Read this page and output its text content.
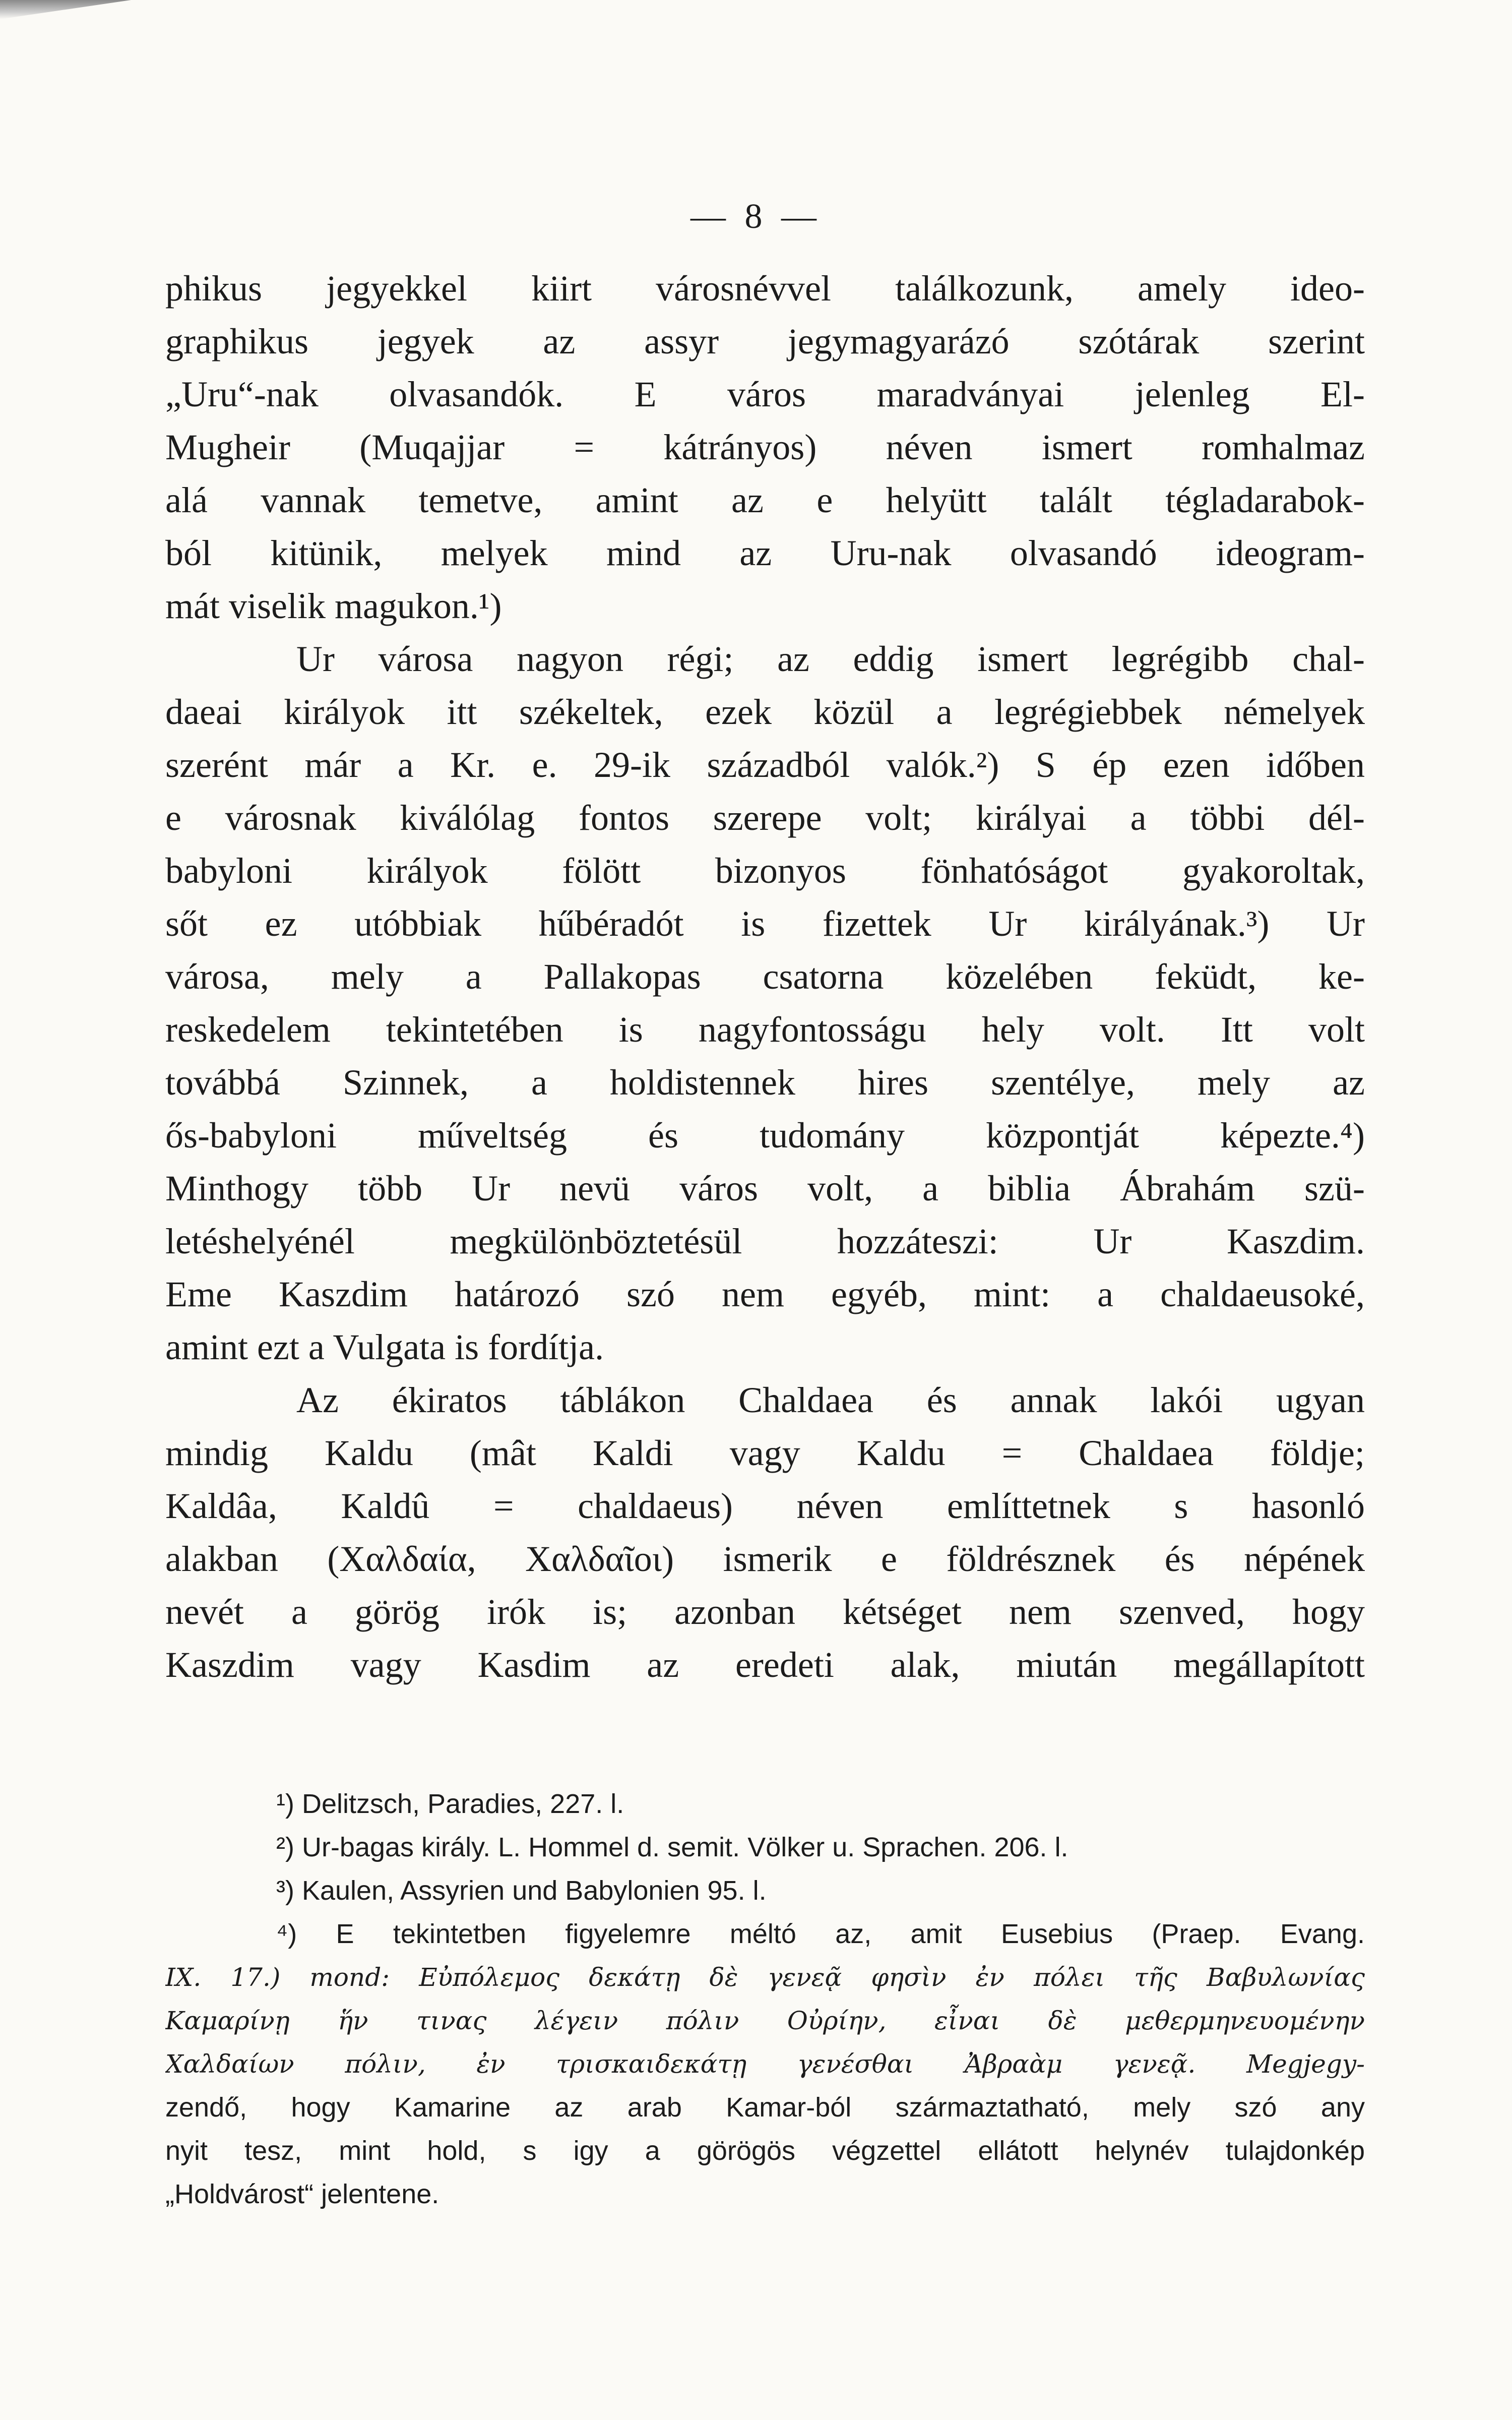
— 8 —
phikus jegyekkel kiirt városnévvel találkozunk, amely ideo-
graphikus jegyek az assyr jegymagyarázó szótárak szerint
„Uru“-nak olvasandók. E város maradványai jelenleg El-
Mugheir (Muqajjar = kátrányos) néven ismert romhalmaz
alá vannak temetve, amint az e helyütt talált tégladarabok-
ból kitünik, melyek mind az Uru-nak olvasandó ideogram-
mát viselik magukon.¹)
Ur városa nagyon régi; az eddig ismert legrégibb chal-
daeai királyok itt székeltek, ezek közül a legrégiebbek némelyek
szerént már a Kr. e. 29-ik századból valók.²) S ép ezen időben
e városnak kiválólag fontos szerepe volt; királyai a többi dél-
babyloni királyok fölött bizonyos fönhatóságot gyakoroltak,
sőt ez utóbbiak hűbéradót is fizettek Ur királyának.³) Ur
városa, mely a Pallakopas csatorna közelében feküdt, ke-
reskedelem tekintetében is nagyfontosságu hely volt. Itt volt
továbbá Szinnek, a holdistennek hires szentélye, mely az
ős-babyloni műveltség és tudomány központját képezte.⁴)
Minthogy több Ur nevü város volt, a biblia Ábrahám szü-
letéshelyénél megkülönböztetésül hozzáteszi: Ur Kaszdim.
Eme Kaszdim határozó szó nem egyéb, mint: a chaldaeusoké,
amint ezt a Vulgata is fordítja.
Az ékiratos táblákon Chaldaea és annak lakói ugyan
mindig Kaldu (mât Kaldi vagy Kaldu = Chaldaea földje;
Kaldâa, Kaldû = chaldaeus) néven említtetnek s hasonló
alakban (Χαλδαία, Χαλδαῖοι) ismerik e földrésznek és népének
nevét a görög irók is; azonban kétséget nem szenved, hogy
Kaszdim vagy Kasdim az eredeti alak, miután megállapított
¹) Delitzsch, Paradies, 227. l.
²) Ur-bagas király. L. Hommel d. semit. Völker u. Sprachen. 206. l.
³) Kaulen, Assyrien und Babylonien 95. l.
⁴) E tekintetben figyelemre méltó az, amit Eusebius (Praep. Evang.
IX. 17.) mond: Εὐπόλεμος δεκάτῃ δὲ γενεᾷ φησὶν ἐν πόλει τῆς Βαβυλωνίας
Καμαρίνῃ ἥν τινας λέγειν πόλιν Οὐρίην, εἶναι δὲ μεθερμηνευομένην
Χαλδαίων πόλιν, ἐν τρισκαιδεκάτῃ γενέσθαι Ἀβραὰμ γενεᾷ. Megjegy-
zendő, hogy Kamarine az arab Kamar-ból származtatható, mely szó any
nyit tesz, mint hold, s igy a görögös végzettel ellátott helynév tulajdonkép
„Holdvárost“ jelentene.
